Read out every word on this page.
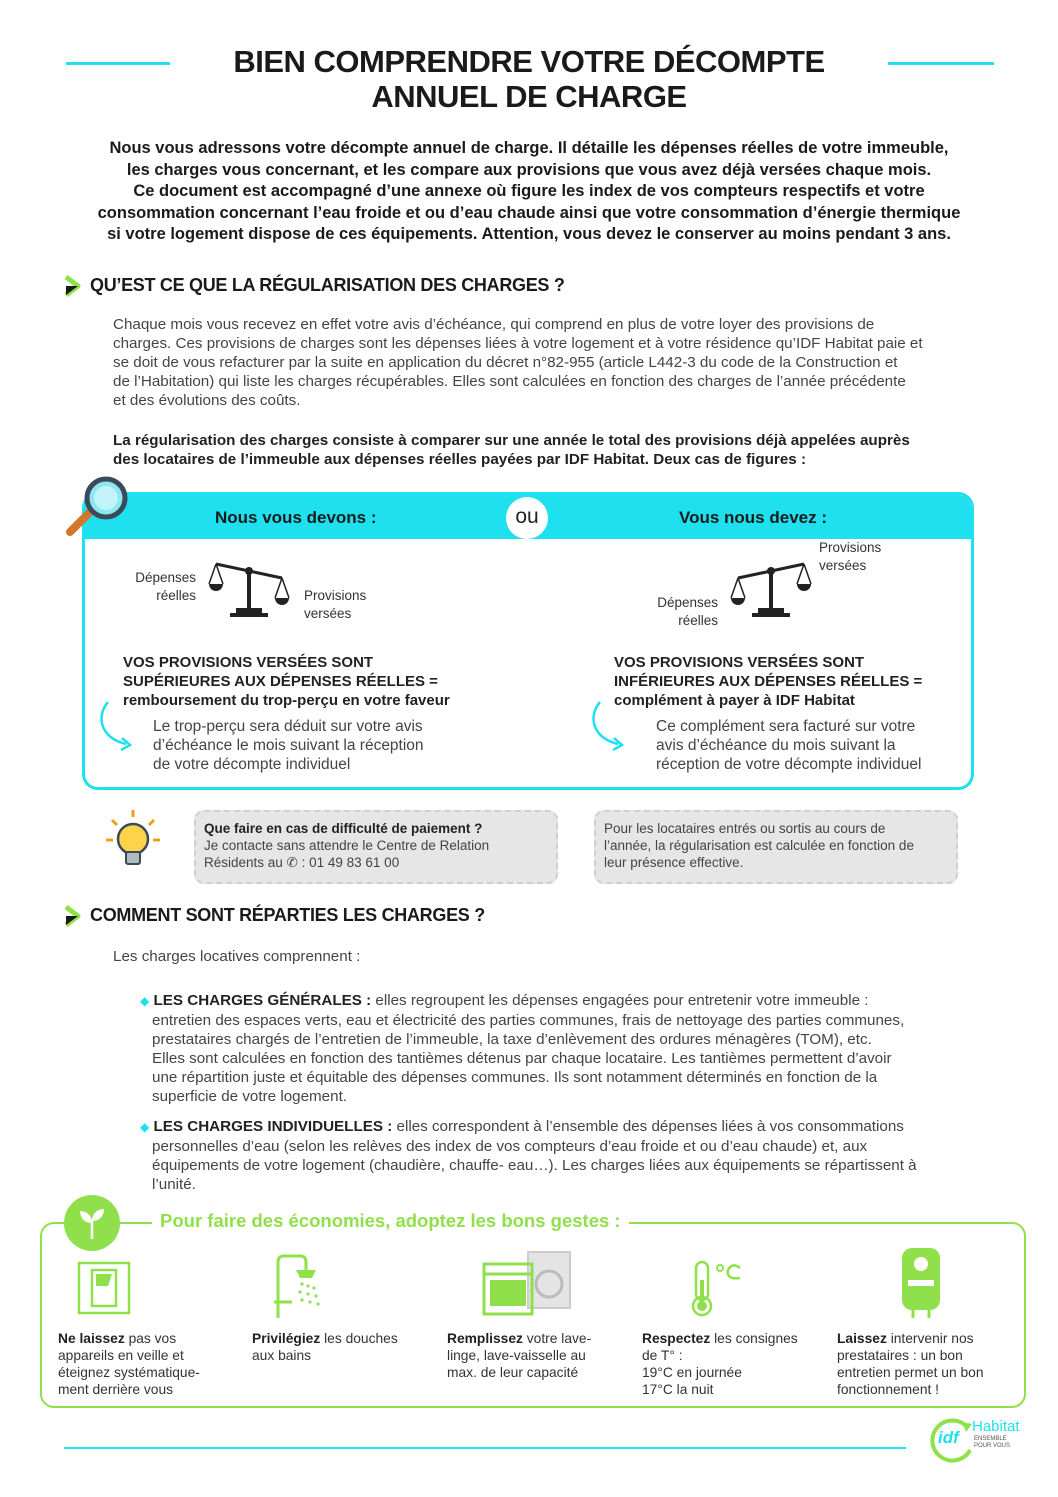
BIEN COMPRENDRE VOTRE DÉCOMPTE
ANNUEL DE CHARGE
Nous vous adressons votre décompte annuel de charge. Il détaille les dépenses réelles de votre immeuble,
les charges vous concernant, et les compare aux provisions que vous avez déjà versées chaque mois.
Ce document est accompagné d’une annexe où figure les index de vos compteurs respectifs et votre
consommation concernant l’eau froide et ou d’eau chaude ainsi que votre consommation d’énergie thermique
si votre logement dispose de ces équipements. Attention, vous devez le conserver au moins pendant 3 ans.
QU’EST CE QUE LA RÉGULARISATION DES CHARGES ?
Chaque mois vous recevez en effet votre avis d’échéance, qui comprend en plus de votre loyer des provisions de
charges. Ces provisions de charges sont les dépenses liées à votre logement et à votre résidence qu’IDF Habitat paie et
se doit de vous refacturer par la suite en application du décret n°82-955 (article L442-3 du code de la Construction et
de l’Habitation) qui liste les charges récupérables. Elles sont calculées en fonction des charges de l’année précédente
et des évolutions des coûts.
La régularisation des charges consiste à comparer sur une année le total des provisions déjà appelées auprès
des locataires de l’immeuble aux dépenses réelles payées par IDF Habitat. Deux cas de figures :
Nous vous devons :	Vous nous devez :
ou
Dépenses
réelles	Provisions
versées
Provisions
versées
Dépenses
réelles
VOS PROVISIONS VERSÉES SONT
SUPÉRIEURES AUX DÉPENSES RÉELLES =
remboursement du trop-perçu en votre faveur
VOS PROVISIONS VERSÉES SONT
INFÉRIEURES AUX DÉPENSES RÉELLES =
complément à payer à IDF Habitat
Le trop-perçu sera déduit sur votre avis
d’échéance le mois suivant la réception
de votre décompte individuel
Ce complément sera facturé sur votre
avis d’échéance du mois suivant la
réception de votre décompte individuel
Que faire en cas de difficulté de paiement ?
Je contacte sans attendre le Centre de Relation
Résidents au ✆ : 01 49 83 61 00
Pour les locataires entrés ou sortis au cours de
l’année, la régularisation est calculée en fonction de
leur présence effective.
COMMENT SONT RÉPARTIES LES CHARGES ?
Les charges locatives comprennent :
◆ LES CHARGES GÉNÉRALES : elles regroupent les dépenses engagées pour entretenir votre immeuble :
entretien des espaces verts, eau et électricité des parties communes, frais de nettoyage des parties communes,
prestataires chargés de l’entretien de l’immeuble, la taxe d’enlèvement des ordures ménagères (TOM), etc.
Elles sont calculées en fonction des tantièmes détenus par chaque locataire. Les tantièmes permettent d’avoir
une répartition juste et équitable des dépenses communes. Ils sont notamment déterminés en fonction de la
superficie de votre logement.
◆ LES CHARGES INDIVIDUELLES : elles correspondent à l’ensemble des dépenses liées à vos consommations
personnelles d’eau (selon les relèves des index de vos compteurs d’eau froide et ou d’eau chaude) et, aux
équipements de votre logement (chaudière, chauffe- eau…). Les charges liées aux équipements se répartissent à
l’unité.
Pour faire des économies, adoptez les bons gestes :
Ne laissez pas vos
appareils en veille et
éteignez systématique-
ment derrière vous
Privilégiez les douches
aux bains
Remplissez votre lave-
linge, lave-vaisselle au
max. de leur capacité
Respectez les consignes
de T° :
19°C en journée
17°C la nuit
Laissez intervenir nos
prestataires : un bon
entretien permet un bon
fonctionnement !
idf
Habitat
ENSEMBLE
POUR VOUS
